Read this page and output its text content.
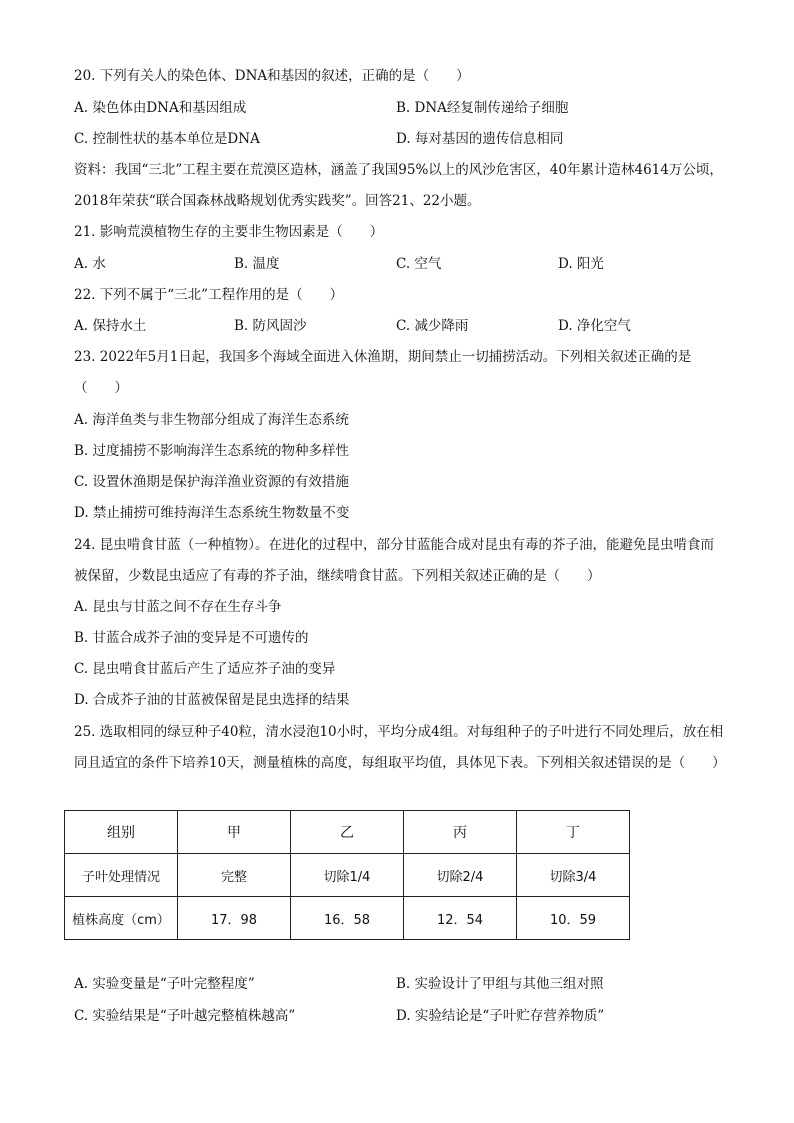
20. 下列有关人的染色体、DNA和基因的叙述，正确的是（　　）
A. 染色体由DNA和基因组成	B. DNA经复制传递给子细胞
C. 控制性状的基本单位是DNA	D. 每对基因的遗传信息相同
资料：我国“三北”工程主要在荒漠区造林，涵盖了我国95%以上的风沙危害区，40年累计造林4614万公顷，2018年荣获“联合国森林战略规划优秀实践奖”。回答21、22小题。
21. 影响荒漠植物生存的主要非生物因素是（　　）
A. 水	B. 温度	C. 空气	D. 阳光
22. 下列不属于“三北”工程作用的是（　　）
A. 保持水土	B. 防风固沙	C. 减少降雨	D. 净化空气
23. 2022年5月1日起，我国多个海域全面进入休渔期，期间禁止一切捕捞活动。下列相关叙述正确的是（　　）
A. 海洋鱼类与非生物部分组成了海洋生态系统
B. 过度捕捞不影响海洋生态系统的物种多样性
C. 设置休渔期是保护海洋渔业资源的有效措施
D. 禁止捕捞可维持海洋生态系统生物数量不变
24. 昆虫啃食甘蓝（一种植物）。在进化的过程中，部分甘蓝能合成对昆虫有毒的芥子油，能避免昆虫啃食而被保留，少数昆虫适应了有毒的芥子油，继续啃食甘蓝。下列相关叙述正确的是（　　）
A. 昆虫与甘蓝之间不存在生存斗争
B. 甘蓝合成芥子油的变异是不可遗传的
C. 昆虫啃食甘蓝后产生了适应芥子油的变异
D. 合成芥子油的甘蓝被保留是昆虫选择的结果
25. 选取相同的绿豆种子40粒，清水浸泡10小时，平均分成4组。对每组种子的子叶进行不同处理后，放在相同且适宜的条件下培养10天，测量植株的高度，每组取平均值，具体见下表。下列相关叙述错误的是（　　）
组别	甲	乙	丙	丁
子叶处理情况	完整	切除1/4	切除2/4	切除3/4
植株高度（cm）	17．98	16．58	12．54	10．59
A. 实验变量是“子叶完整程度”	B. 实验设计了甲组与其他三组对照
C. 实验结果是“子叶越完整植株越高”	D. 实验结论是“子叶贮存营养物质”
